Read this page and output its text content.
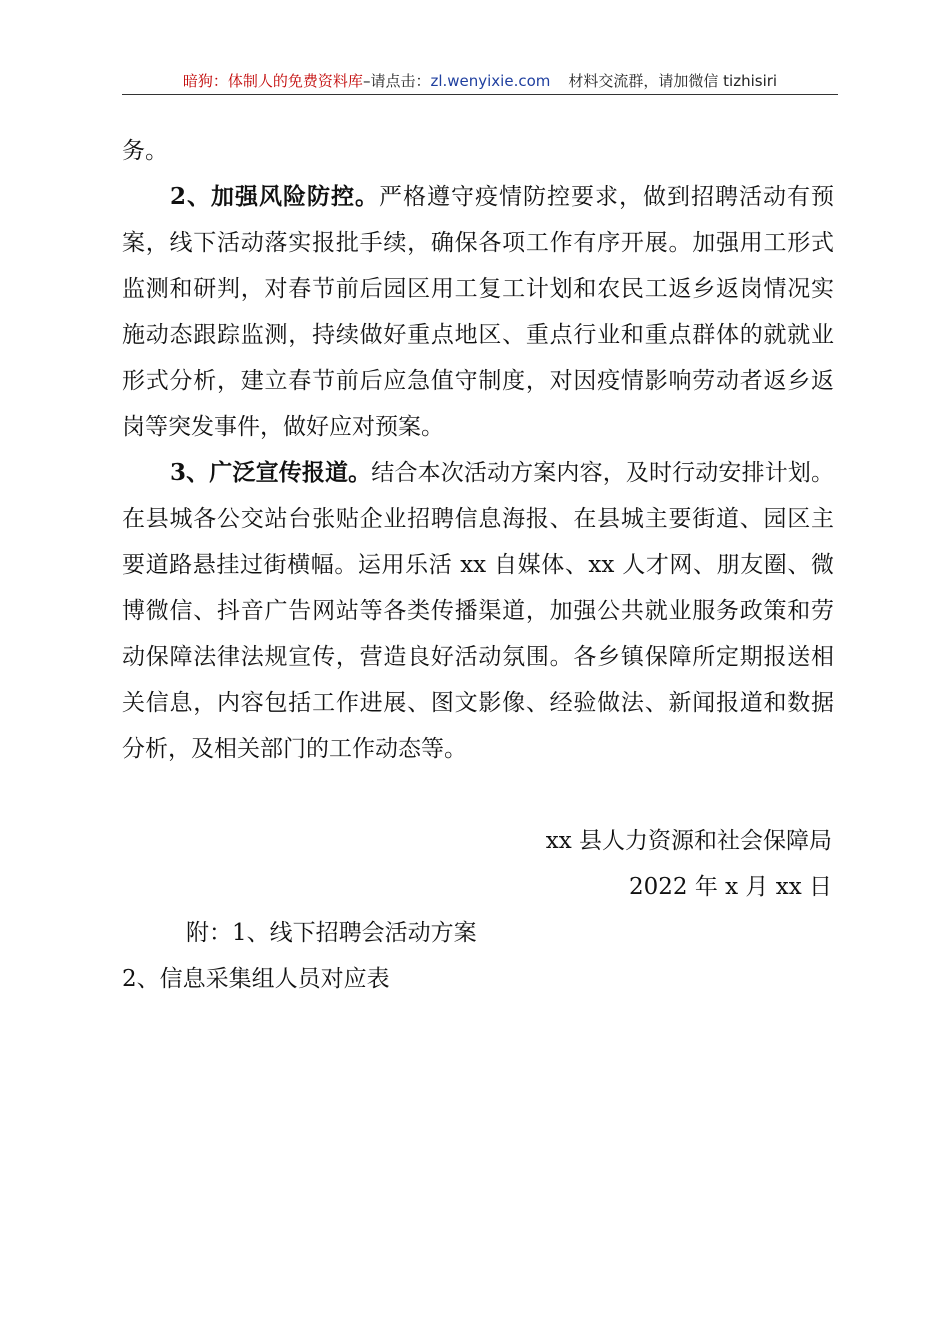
暗狗：体制人的免费资料库–请点击：zl.wenyixie.com 材料交流群，请加微信 tizhisiri

务。

2、加强风险防控。严格遵守疫情防控要求，做到招聘活动有预案，线下活动落实报批手续，确保各项工作有序开展。加强用工形式监测和研判，对春节前后园区用工复工计划和农民工返乡返岗情况实施动态跟踪监测，持续做好重点地区、重点行业和重点群体的就就业形式分析，建立春节前后应急值守制度，对因疫情影响劳动者返乡返岗等突发事件，做好应对预案。

3、广泛宣传报道。结合本次活动方案内容，及时行动安排计划。在县城各公交站台张贴企业招聘信息海报、在县城主要街道、园区主要道路悬挂过街横幅。运用乐活 xx 自媒体、xx 人才网、朋友圈、微博微信、抖音广告网站等各类传播渠道，加强公共就业服务政策和劳动保障法律法规宣传，营造良好活动氛围。各乡镇保障所定期报送相关信息，内容包括工作进展、图文影像、经验做法、新闻报道和数据分析，及相关部门的工作动态等。

xx 县人力资源和社会保障局

2022 年 x 月 xx 日

附：1、线下招聘会活动方案

2、信息采集组人员对应表
